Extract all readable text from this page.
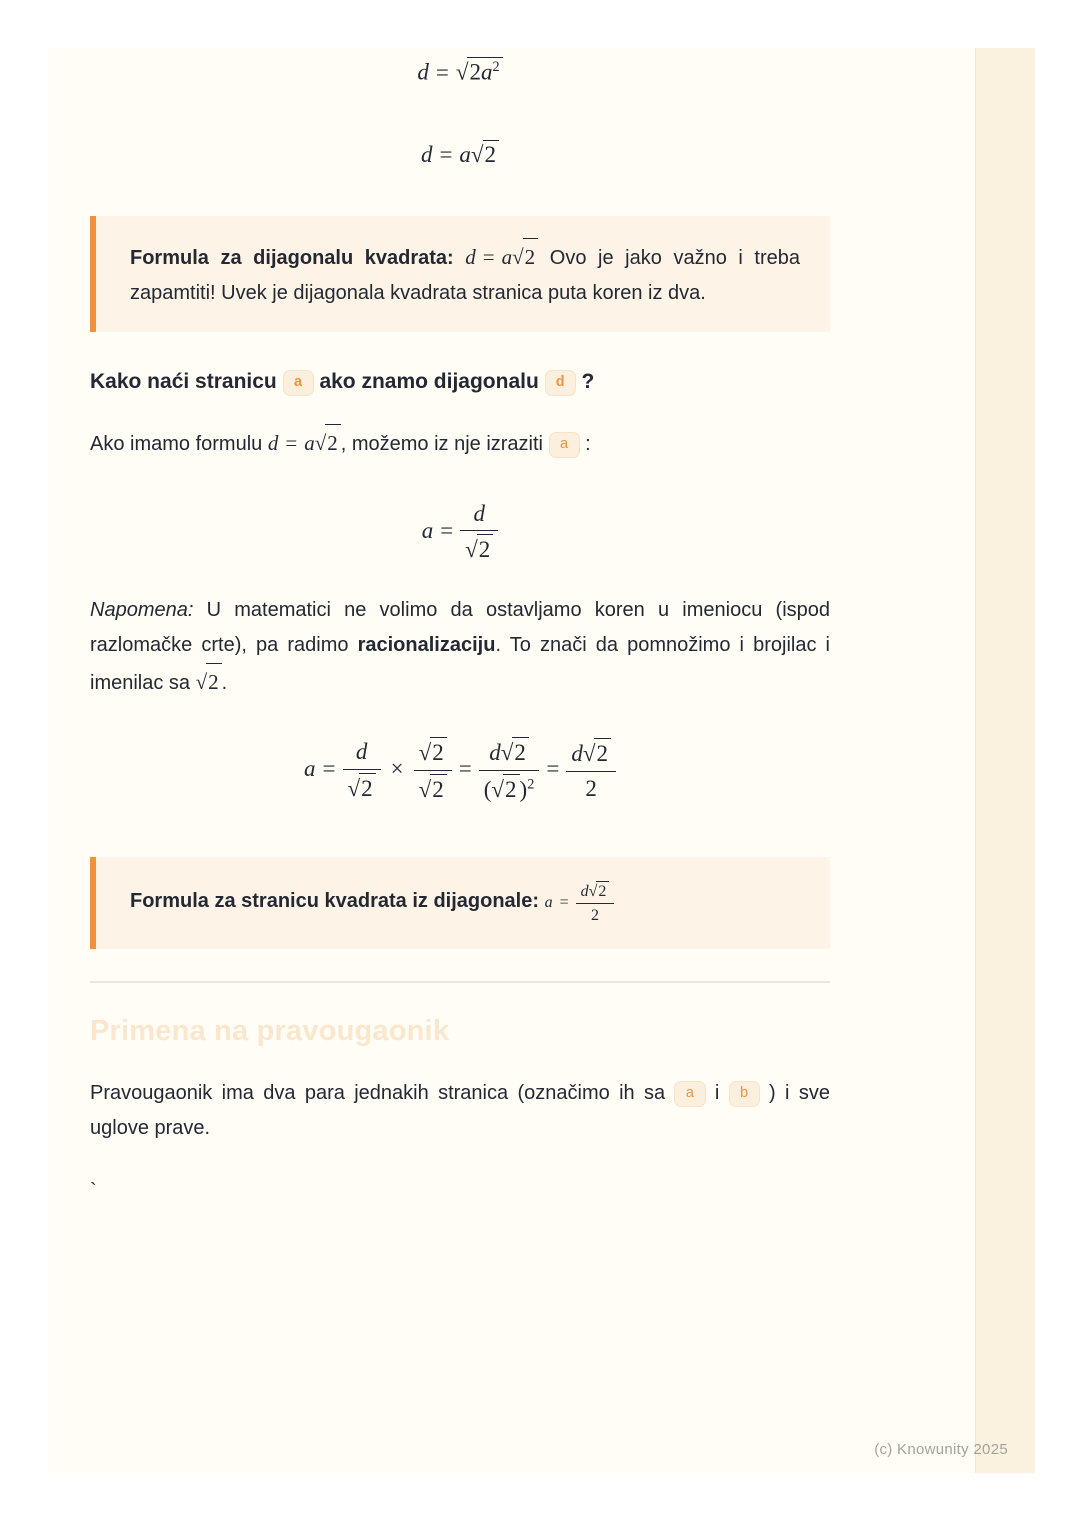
$d = √2a^2$
d = a√2

Formula za dijagonalu kvadrata: d = a√2 Ovo je jako važno i treba zapamtiti! Uvek je dijagonala kvadrata stranica puta koren iz dva.

Kako naći stranicu a ako znamo dijagonalu d ?

Ako imamo formulu d = a√2 , možemo iz nje izraziti a :

$a = \frac{d}{√2}$

Napomena: U matematici ne volimo da ostavljamo koren u imeniocu (ispod razlomačke crte), pa radimo racionalizaciju. To znači da pomnožimo i brojilac i imenilac sa √2 .

$a = \frac{d}{√2} \times \frac{√2}{√2} = \frac{d√2}{(√2 )^2} = \frac{d√2}{2}$

Formula za stranicu kvadrata iz dijagonale: $a = \frac{d√2}{2}$

Primena na pravougaonik

Pravougaonik ima dva para jednakih stranica (označimo ih sa a i b ) i sve uglove prave.

`

(c) Knowunity 2025
